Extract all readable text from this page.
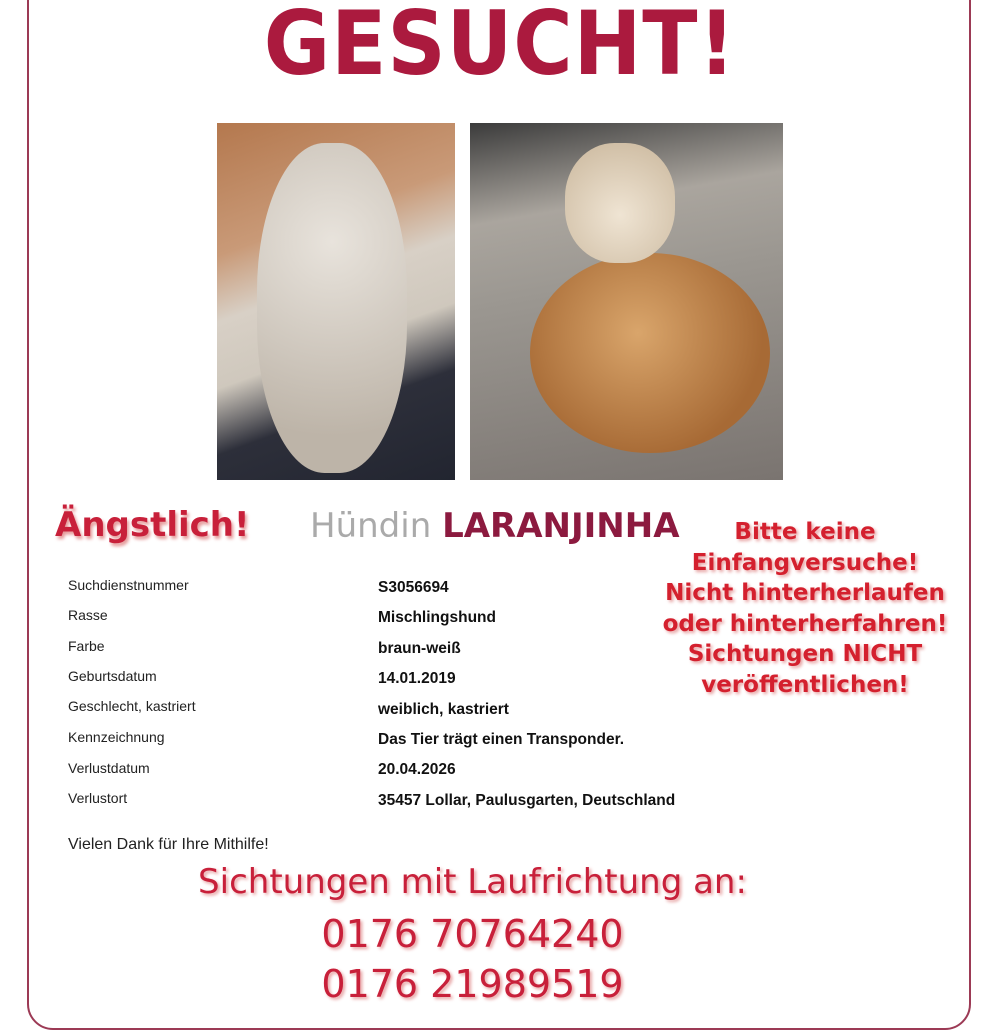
GESUCHT!
Ängstlich! Hündin LARANJINHA	Bitte keine
Einfangversuche!
Nicht hinterherlaufen
oder hinterherfahren!
Sichtungen NICHT
veröffentlichen!
Suchdienstnummer	S3056694
Rasse	Mischlingshund
Farbe	braun-weiß
Geburtsdatum	14.01.2019
Geschlecht, kastriert	weiblich, kastriert
Kennzeichnung	Das Tier trägt einen Transponder.
Verlustdatum	20.04.2026
Verlustort	35457 Lollar, Paulusgarten, Deutschland
Vielen Dank für Ihre Mithilfe!
Sichtungen mit Laufrichtung an:
0176 70764240
0176 21989519
